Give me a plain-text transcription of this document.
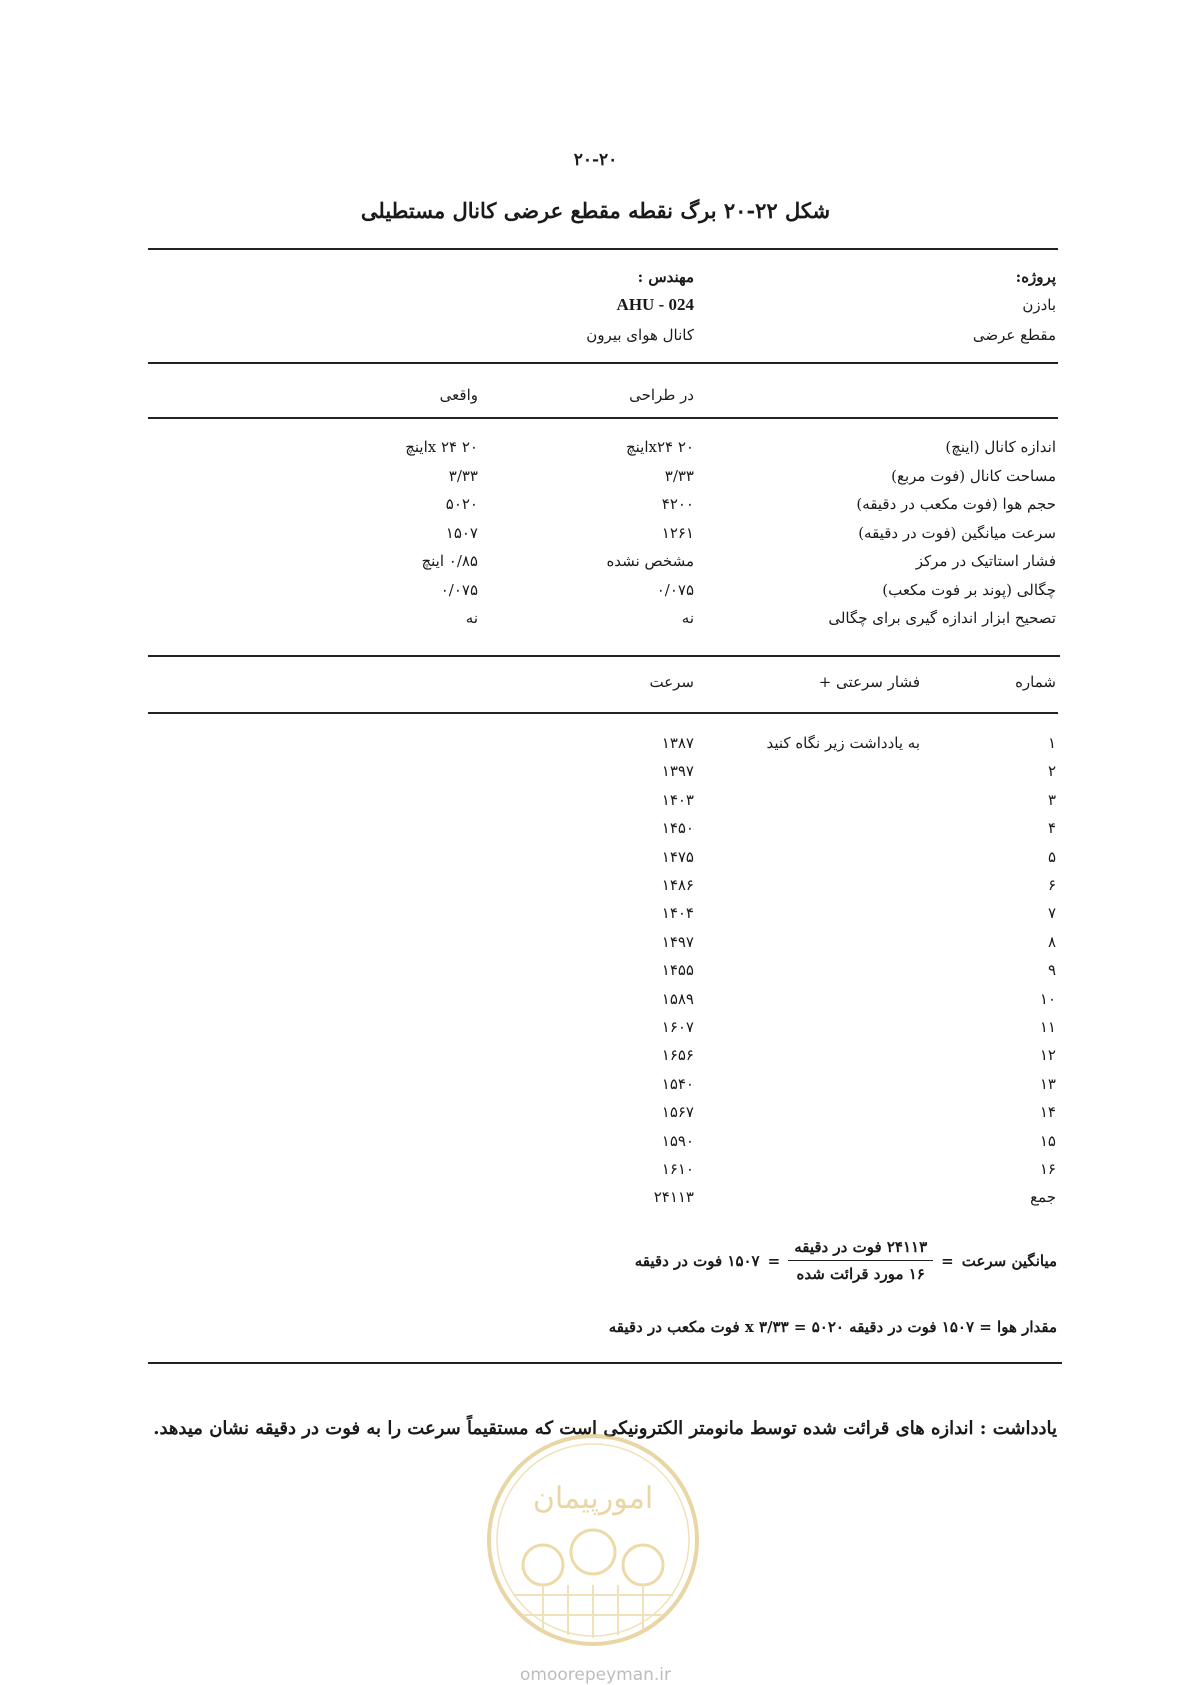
۲۰-۲۰
شکل ۲۲-۲۰ برگ نقطه مقطع عرضی کانال مستطیلی
پروژه:
بادزن
مقطع عرضی
مهندس :
AHU - 024
کانال هوای بیرون
در طراحی
واقعی
اندازه کانال (اینچ)
۲۰ x۲۴اینچ
۲۰ x ۲۴اینچ
مساحت کانال (فوت مربع)
۳/۳۳
۳/۳۳
حجم هوا (فوت مکعب در دقیقه)
۴۲۰۰
۵۰۲۰
سرعت میانگین (فوت در دقیقه)
۱۲۶۱
۱۵۰۷
فشار استاتیک در مرکز
مشخص نشده
۰/۸۵ اینچ
چگالی (پوند بر فوت مکعب)
۰/۰۷۵
۰/۰۷۵
تصحیح ابزار اندازه گیری برای چگالی
نه
نه
شماره
فشار سرعتی +
سرعت
۱
به یادداشت زیر نگاه کنید
۱۳۸۷
۲
۱۳۹۷
۳
۱۴۰۳
۴
۱۴۵۰
۵
۱۴۷۵
۶
۱۴۸۶
۷
۱۴۰۴
۸
۱۴۹۷
۹
۱۴۵۵
۱۰
۱۵۸۹
۱۱
۱۶۰۷
۱۲
۱۶۵۶
۱۳
۱۵۴۰
۱۴
۱۵۶۷
۱۵
۱۵۹۰
۱۶
۱۶۱۰
جمع
۲۴۱۱۳
میانگین سرعت
=
$\frac{\text{۲۴۱۱۳ فوت در دقیقه}}{\text{۱۶ مورد قرائت شده}}$
=
۱۵۰۷ فوت در دقیقه
مقدار هوا = ۱۵۰۷ فوت در دقیقه x ۳/۳۳ = ۵۰۲۰ فوت مکعب در دقیقه
یادداشت : اندازه های قرائت شده توسط مانومتر الکترونیکی است که مستقیماً سرعت را به فوت در دقیقه نشان میدهد.
امورپیمان
omoorepeyman.ir
